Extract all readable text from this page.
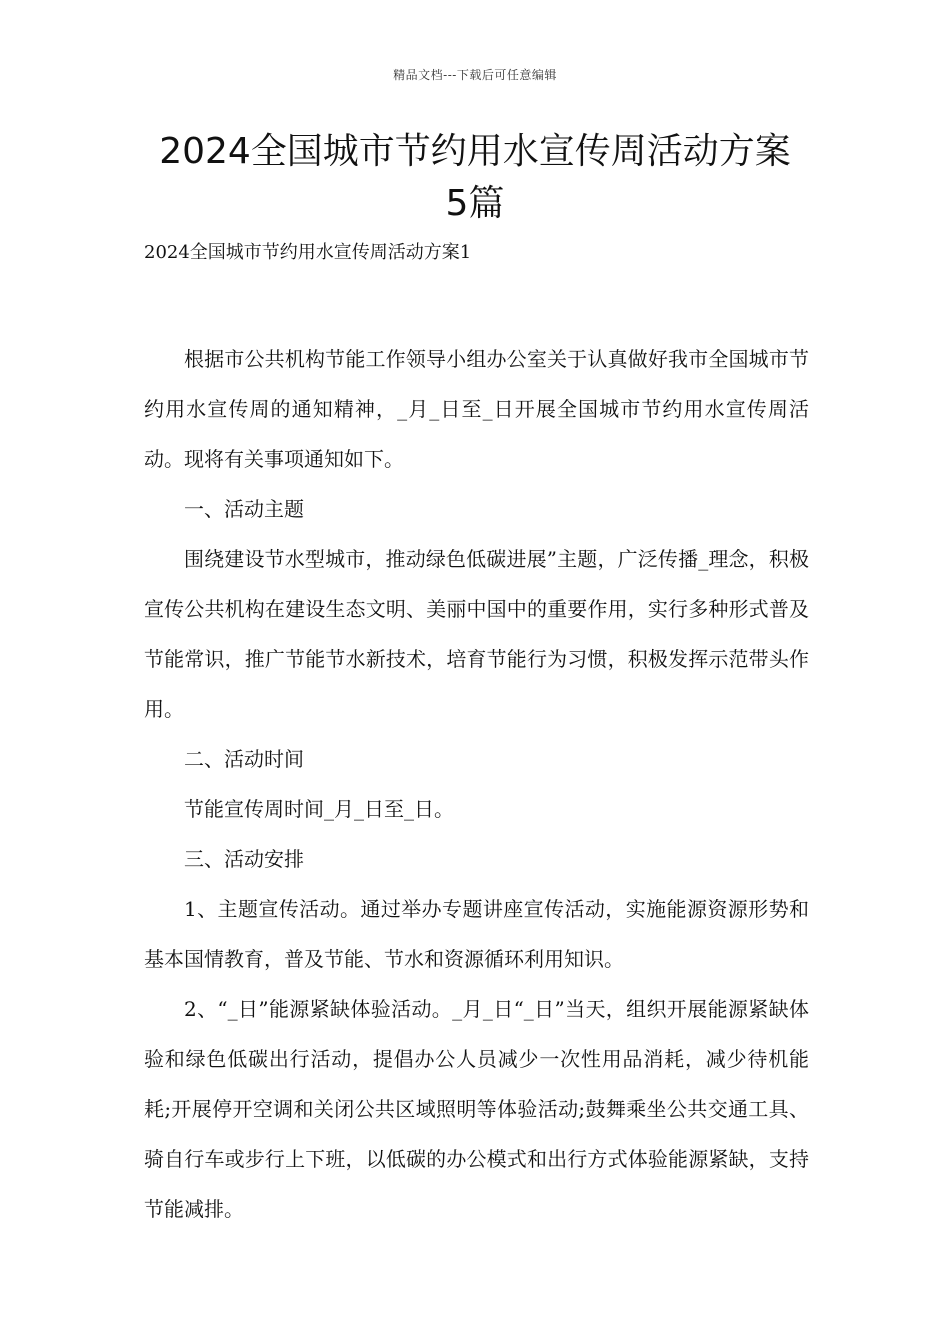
精品文档---下载后可任意编辑
2024全国城市节约用水宣传周活动方案
5篇
2024全国城市节约用水宣传周活动方案1

根据市公共机构节能工作领导小组办公室关于认真做好我市全国城市节约用水宣传周的通知精神，_月_日至_日开展全国城市节约用水宣传周活动。现将有关事项通知如下。

一、活动主题

围绕建设节水型城市，推动绿色低碳进展”主题，广泛传播_理念，积极宣传公共机构在建设生态文明、美丽中国中的重要作用，实行多种形式普及节能常识，推广节能节水新技术，培育节能行为习惯，积极发挥示范带头作用。

二、活动时间

节能宣传周时间_月_日至_日。

三、活动安排

1、主题宣传活动。通过举办专题讲座宣传活动，实施能源资源形势和基本国情教育，普及节能、节水和资源循环利用知识。

2、“_日”能源紧缺体验活动。_月_日“_日”当天，组织开展能源紧缺体验和绿色低碳出行活动，提倡办公人员减少一次性用品消耗，减少待机能耗;开展停开空调和关闭公共区域照明等体验活动;鼓舞乘坐公共交通工具、骑自行车或步行上下班，以低碳的办公模式和出行方式体验能源紧缺，支持节能减排。
